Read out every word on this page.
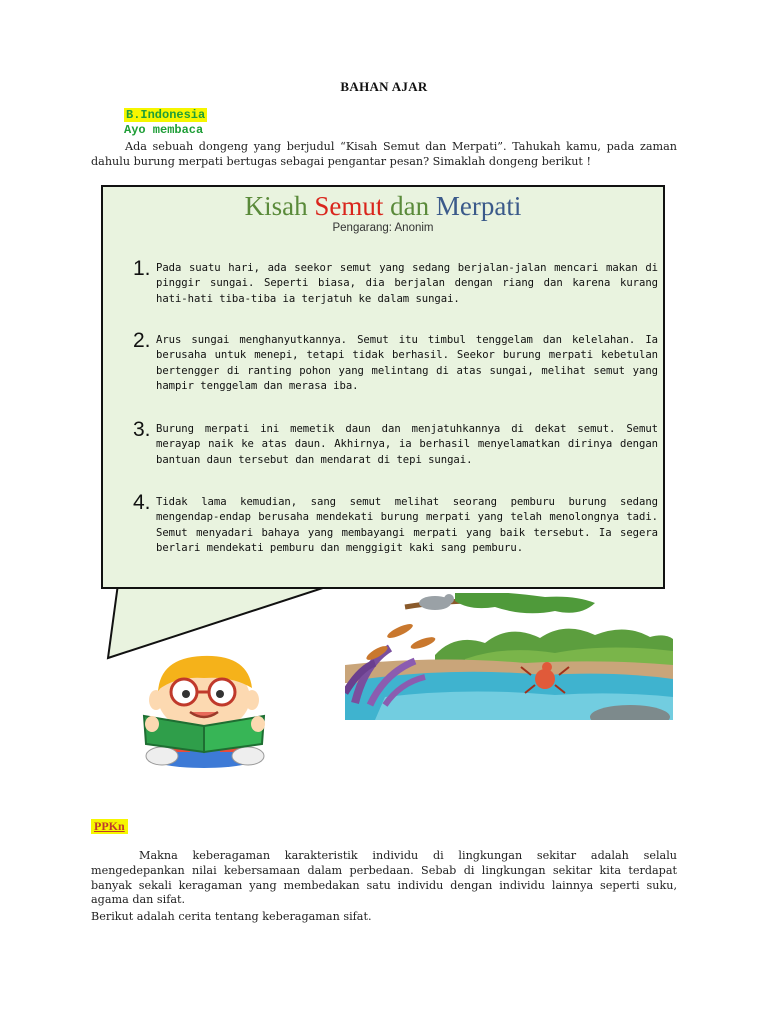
BAHAN AJAR
B.Indonesia
Ayo membaca
Ada sebuah dongeng yang berjudul “Kisah Semut dan Merpati”. Tahukah kamu, pada zaman dahulu burung merpati bertugas sebagai pengantar pesan? Simaklah dongeng berikut !
Kisah Semut dan Merpati
Pengarang: Anonim
1. Pada suatu hari, ada seekor semut yang sedang berjalan-jalan mencari makan di pinggir sungai. Seperti biasa, dia berjalan dengan riang dan karena kurang hati-hati tiba-tiba ia terjatuh ke dalam sungai.
2. Arus sungai menghanyutkannya. Semut itu timbul tenggelam dan kelelahan. Ia berusaha untuk menepi, tetapi tidak berhasil. Seekor burung merpati kebetulan bertengger di ranting pohon yang melintang di atas sungai, melihat semut yang hampir tenggelam dan merasa iba.
3. Burung merpati ini memetik daun dan menjatuhkannya di dekat semut. Semut merayap naik ke atas daun. Akhirnya, ia berhasil menyelamatkan dirinya dengan bantuan daun tersebut dan mendarat di tepi sungai.
4. Tidak lama kemudian, sang semut melihat seorang pemburu burung sedang mengendap-endap berusaha mendekati burung merpati yang telah menolongnya tadi. Semut menyadari bahaya yang membayangi merpati yang baik tersebut. Ia segera berlari mendekati pemburu dan menggigit kaki sang pemburu.
PPKn
Makna keberagaman karakteristik individu di lingkungan sekitar adalah selalu mengedepankan nilai kebersamaan dalam perbedaan. Sebab di lingkungan sekitar kita terdapat banyak sekali keragaman yang membedakan satu individu dengan individu lainnya seperti suku, agama dan sifat.
Berikut adalah cerita tentang keberagaman sifat.
